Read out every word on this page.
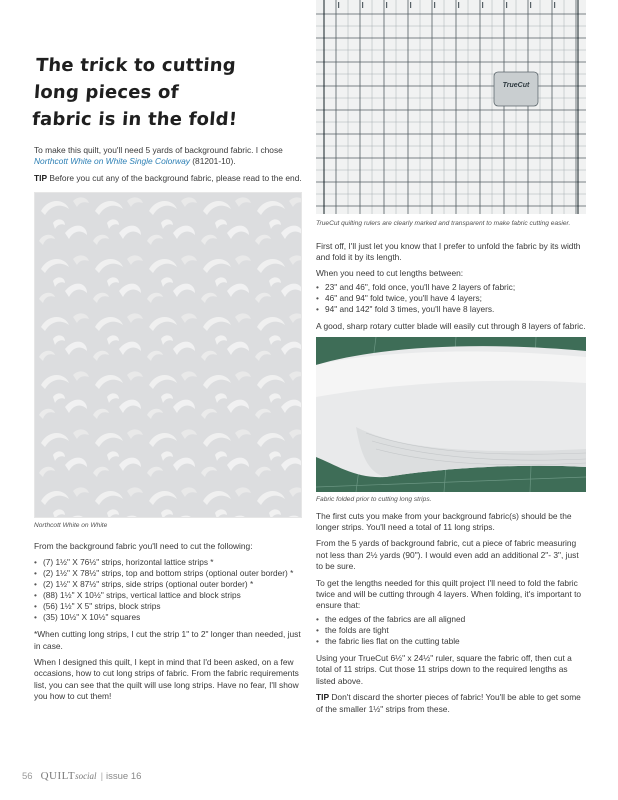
The trick to cutting
long pieces of
fabric is in the fold!

To make this quilt, you'll need 5 yards of background fabric. I chose Northcott White on White Single Colorway (81201-10).

TIP Before you cut any of the background fabric, please read to the end.

Northcott White on White

From the background fabric you'll need to cut the following:

• (7) 1½" X 76½" strips, horizontal lattice strips *
• (2) 1½" X 78½" strips, top and bottom strips (optional outer border) *
• (2) 1½" X 87½" strips, side strips (optional outer border) *
• (88) 1½" X 10½" strips, vertical lattice and block strips
• (56) 1½" X 5" strips, block strips
• (35) 10½" X 10½" squares

*When cutting long strips, I cut the strip 1" to 2" longer than needed, just in case.

When I designed this quilt, I kept in mind that I'd been asked, on a few occasions, how to cut long strips of fabric. From the fabric requirements list, you can see that the quilt will use long strips. Have no fear, I'll show you how to cut them!

TrueCut
TrueCut quilting rulers are clearly marked and transparent to make fabric cutting easier.

First off, I'll just let you know that I prefer to unfold the fabric by its width and fold it by its length.

When you need to cut lengths between:

• 23" and 46", fold once, you'll have 2 layers of fabric;
• 46" and 94" fold twice, you'll have 4 layers;
• 94" and 142" fold 3 times, you'll have 8 layers.

A good, sharp rotary cutter blade will easily cut through 8 layers of fabric.

Fabric folded prior to cutting long strips.

The first cuts you make from your background fabric(s) should be the longer strips. You'll need a total of 11 long strips.

From the 5 yards of background fabric, cut a piece of fabric measuring not less than 2½ yards (90"). I would even add an additional 2"- 3", just to be sure.

To get the lengths needed for this quilt project I'll need to fold the fabric twice and will be cutting through 4 layers. When folding, it's important to ensure that:

• the edges of the fabrics are all aligned
• the folds are tight
• the fabric lies flat on the cutting table

Using your TrueCut 6½" x 24½" ruler, square the fabric off, then cut a total of 11 strips. Cut those 11 strips down to the required lengths as listed above.

TIP Don't discard the shorter pieces of fabric! You'll be able to get some of the smaller 1½" strips from these.

56 QUILT social | issue 16
